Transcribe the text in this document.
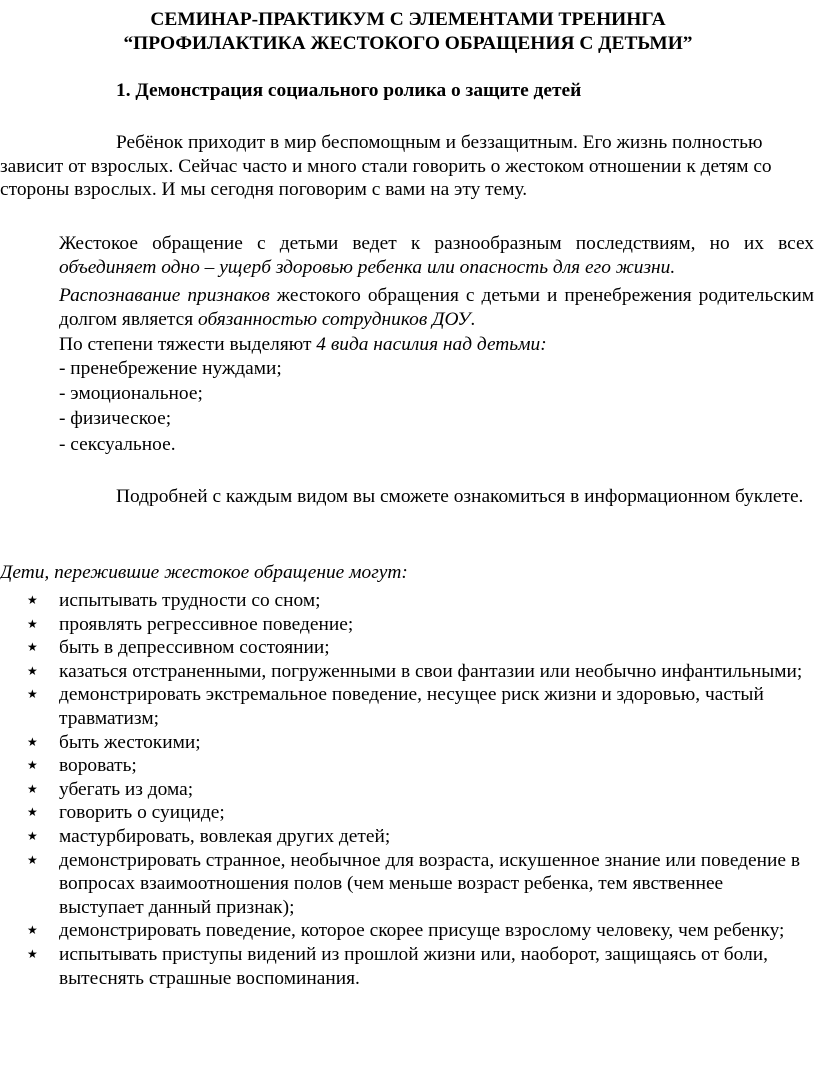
СЕМИНАР-ПРАКТИКУМ С ЭЛЕМЕНТАМИ ТРЕНИНГА
“ПРОФИЛАКТИКА ЖЕСТОКОГО ОБРАЩЕНИЯ С ДЕТЬМИ”
1. Демонстрация социального ролика о защите детей

Ребёнок приходит в мир беспомощным и беззащитным. Его жизнь полностью зависит от взрослых. Сейчас часто и много стали говорить о жестоком отношении к детям со стороны взрослых. И мы сегодня поговорим с вами на эту тему.

Жестокое обращение с детьми ведет к разнообразным последствиям, но их всех объединяет одно – ущерб здоровью ребенка или опасность для его жизни.

Распознавание признаков жестокого обращения с детьми и пренебрежения родительским долгом является обязанностью сотрудников ДОУ.

По степени тяжести выделяют 4 вида насилия над детьми:

- пренебрежение нуждами;
- эмоциональное;
- физическое;
- сексуальное.

Подробней с каждым видом вы сможете ознакомиться в информационном буклете.

Дети, пережившие жестокое обращение могут:
★ испытывать трудности со сном;
★ проявлять регрессивное поведение;
★ быть в депрессивном состоянии;
★ казаться отстраненными, погруженными в свои фантазии или необычно инфантильными;
★ демонстрировать экстремальное поведение, несущее риск жизни и здоровью, частый травматизм;
★ быть жестокими;
★ воровать;
★ убегать из дома;
★ говорить о суициде;
★ мастурбировать, вовлекая других детей;
★ демонстрировать странное, необычное для возраста, искушенное знание или поведение в вопросах взаимоотношения полов (чем меньше возраст ребенка, тем явственнее выступает данный признак);
★ демонстрировать поведение, которое скорее присуще взрослому человеку, чем ребенку;
★ испытывать приступы видений из прошлой жизни или, наоборот, защищаясь от боли, вытеснять страшные воспоминания.
